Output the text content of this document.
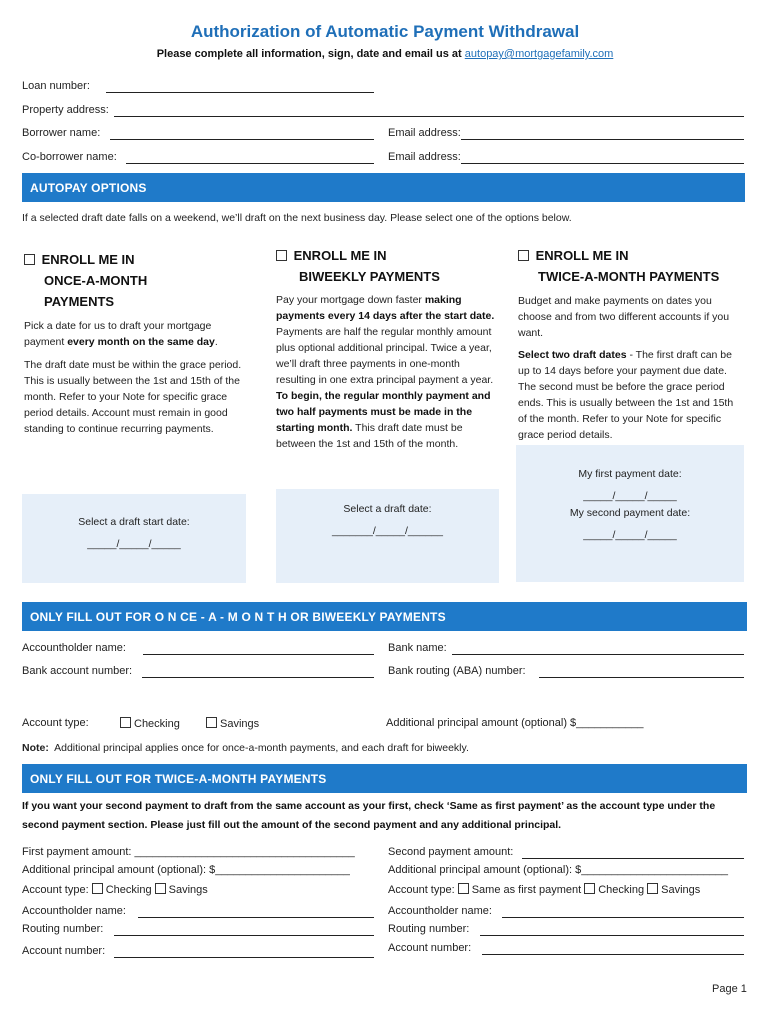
Authorization of Automatic Payment Withdrawal
Please complete all information, sign, date and email us at autopay@mortgagefamily.com
Loan number:
Property address:
Borrower name:	Email address:
Co-borrower name:	Email address:
AUTOPAY OPTIONS
If a selected draft date falls on a weekend, we’ll draft on the next business day. Please select one of the options below.
ENROLL ME IN
ONCE-A-MONTH
PAYMENTS
Pick a date for us to draft your mortgage payment every month on the same day.
The draft date must be within the grace period. This is usually between the 1st and 15th of the month. Refer to your Note for specific grace period details. Account must remain in good standing to continue recurring payments.
Select a draft start date:
_____/_____/_____
ENROLL ME IN
BIWEEKLY PAYMENTS
Pay your mortgage down faster making payments every 14 days after the start date. Payments are half the regular monthly amount plus optional additional principal. Twice a year, we’ll draft three payments in one-month resulting in one extra principal payment a year. To begin, the regular monthly payment and two half payments must be made in the starting month. This draft date must be between the 1st and 15th of the month.
Select a draft date:
_______/_____/______
ENROLL ME IN
TWICE-A-MONTH PAYMENTS
Budget and make payments on dates you choose and from two different accounts if you want.
Select two draft dates - The first draft can be up to 14 days before your payment due date. The second must be before the grace period ends. This is usually between the 1st and 15th of the month. Refer to your Note for specific grace period details.
My first payment date:
_____/_____/_____
My second payment date:
_____/_____/_____
ONLY FILL OUT FOR O N CE - A - M O N T H OR BIWEEKLY PAYMENTS
Accountholder name:	Bank name:
Bank account number:	Bank routing (ABA) number:
Account type:	Checking	Savings	Additional principal amount (optional) $___________
Note: Additional principal applies once for once-a-month payments, and each draft for biweekly.
ONLY FILL OUT FOR TWICE-A-MONTH PAYMENTS
If you want your second payment to draft from the same account as your first, check ‘Same as first payment’ as the account type under the second payment section. Please just fill out the amount of the second payment and any additional principal.
First payment amount: ____________________________________
Additional principal amount (optional): $______________________
Account type: Checking Savings
Accountholder name:
Routing number:
Account number:
Second payment amount:
Additional principal amount (optional): $________________________
Account type: Same as first payment Checking Savings
Accountholder name:
Routing number:
Account number:
Page 1
